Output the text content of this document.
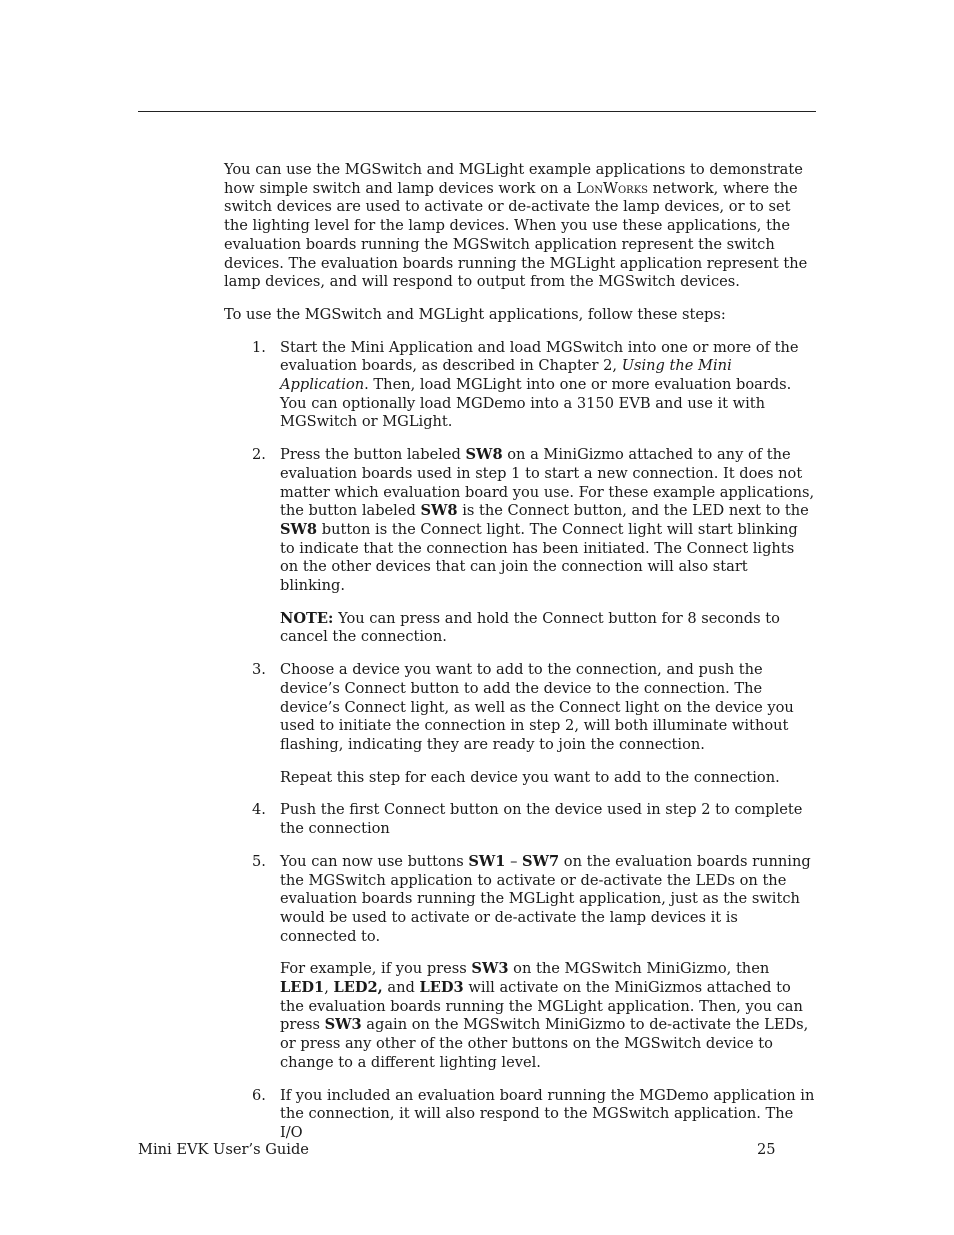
You can use the MGSwitch and MGLight example applications to demonstrate how simple switch and lamp devices work on a LonWorks network, where the switch devices are used to activate or de-activate the lamp devices, or to set the lighting level for the lamp devices. When you use these applications, the evaluation boards running the MGSwitch application represent the switch devices. The evaluation boards running the MGLight application represent the lamp devices, and will respond to output from the MGSwitch devices.

To use the MGSwitch and MGLight applications, follow these steps:

1. Start the Mini Application and load MGSwitch into one or more of the evaluation boards, as described in Chapter 2, Using the Mini Application. Then, load MGLight into one or more evaluation boards. You can optionally load MGDemo into a 3150 EVB and use it with MGSwitch or MGLight.

2. Press the button labeled SW8 on a MiniGizmo attached to any of the evaluation boards used in step 1 to start a new connection. It does not matter which evaluation board you use. For these example applications, the button labeled SW8 is the Connect button, and the LED next to the SW8 button is the Connect light. The Connect light will start blinking to indicate that the connection has been initiated. The Connect lights on the other devices that can join the connection will also start blinking.

NOTE: You can press and hold the Connect button for 8 seconds to cancel the connection.

3. Choose a device you want to add to the connection, and push the device’s Connect button to add the device to the connection. The device’s Connect light, as well as the Connect light on the device you used to initiate the connection in step 2, will both illuminate without flashing, indicating they are ready to join the connection.

Repeat this step for each device you want to add to the connection.

4. Push the first Connect button on the device used in step 2 to complete the connection

5. You can now use buttons SW1 – SW7 on the evaluation boards running the MGSwitch application to activate or de-activate the LEDs on the evaluation boards running the MGLight application, just as the switch would be used to activate or de-activate the lamp devices it is connected to.

For example, if you press SW3 on the MGSwitch MiniGizmo, then LED1, LED2, and LED3 will activate on the MiniGizmos attached to the evaluation boards running the MGLight application. Then, you can press SW3 again on the MGSwitch MiniGizmo to de-activate the LEDs, or press any other of the other buttons on the MGSwitch device to change to a different lighting level.

6. If you included an evaluation board running the MGDemo application in the connection, it will also respond to the MGSwitch application. The I/O

Mini EVK User’s Guide	25
